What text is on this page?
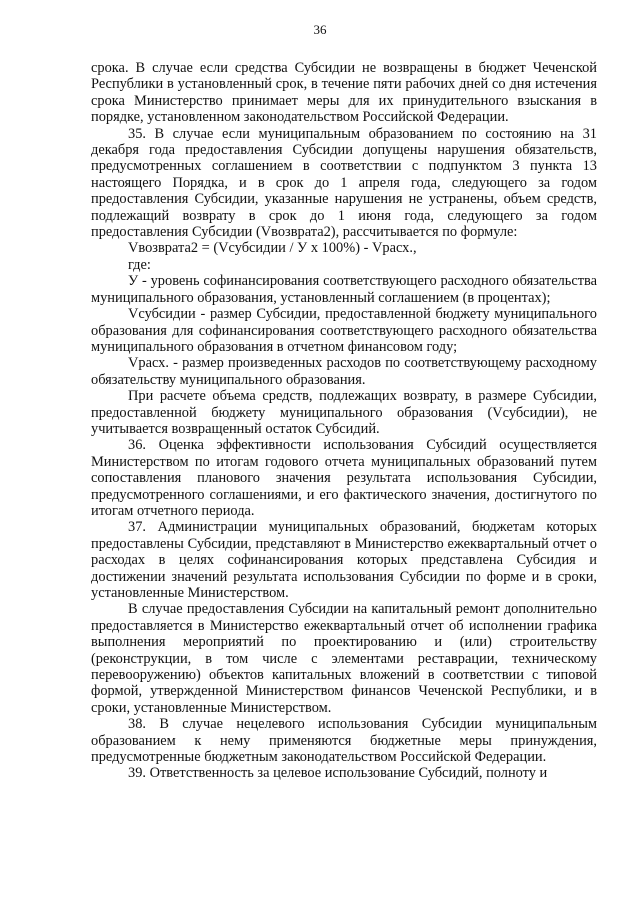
36

срока. В случае если средства Субсидии не возвращены в бюджет Чеченской Республики в установленный срок, в течение пяти рабочих дней со дня истечения срока Министерство принимает меры для их принудительного взыскания в порядке, установленном законодательством Российской Федерации.

35. В случае если муниципальным образованием по состоянию на 31 декабря года предоставления Субсидии допущены нарушения обязательств, предусмотренных соглашением в соответствии с подпунктом 3 пункта 13 настоящего Порядка, и в срок до 1 апреля года, следующего за годом предоставления Субсидии, указанные нарушения не устранены, объем средств, подлежащий возврату в срок до 1 июня года, следующего за годом предоставления Субсидии (Vвозврата2), рассчитывается по формуле:

Vвозврата2 = (Vсубсидии / У х 100%) - Vрасх.,

где:

У - уровень софинансирования соответствующего расходного обязательства муниципального образования, установленный соглашением (в процентах);

Vсубсидии - размер Субсидии, предоставленной бюджету муниципального образования для софинансирования соответствующего расходного обязательства муниципального образования в отчетном финансовом году;

Vрасх. - размер произведенных расходов по соответствующему расходному обязательству муниципального образования.

При расчете объема средств, подлежащих возврату, в размере Субсидии, предоставленной бюджету муниципального образования (Vсубсидии), не учитывается возвращенный остаток Субсидий.

36. Оценка эффективности использования Субсидий осуществляется Министерством по итогам годового отчета муниципальных образований путем сопоставления планового значения результата использования Субсидии, предусмотренного соглашениями, и его фактического значения, достигнутого по итогам отчетного периода.

37. Администрации муниципальных образований, бюджетам которых предоставлены Субсидии, представляют в Министерство ежеквартальный отчет о расходах в целях софинансирования которых представлена Субсидия и достижении значений результата использования Субсидии по форме и в сроки, установленные Министерством.

В случае предоставления Субсидии на капитальный ремонт дополнительно предоставляется в Министерство ежеквартальный отчет об исполнении графика выполнения мероприятий по проектированию и (или) строительству (реконструкции, в том числе с элементами реставрации, техническому перевооружению) объектов капитальных вложений в соответствии с типовой формой, утвержденной Министерством финансов Чеченской Республики, и в сроки, установленные Министерством.

38. В случае нецелевого использования Субсидии муниципальным образованием к нему применяются бюджетные меры принуждения, предусмотренные бюджетным законодательством Российской Федерации.

39. Ответственность за целевое использование Субсидий, полноту и
